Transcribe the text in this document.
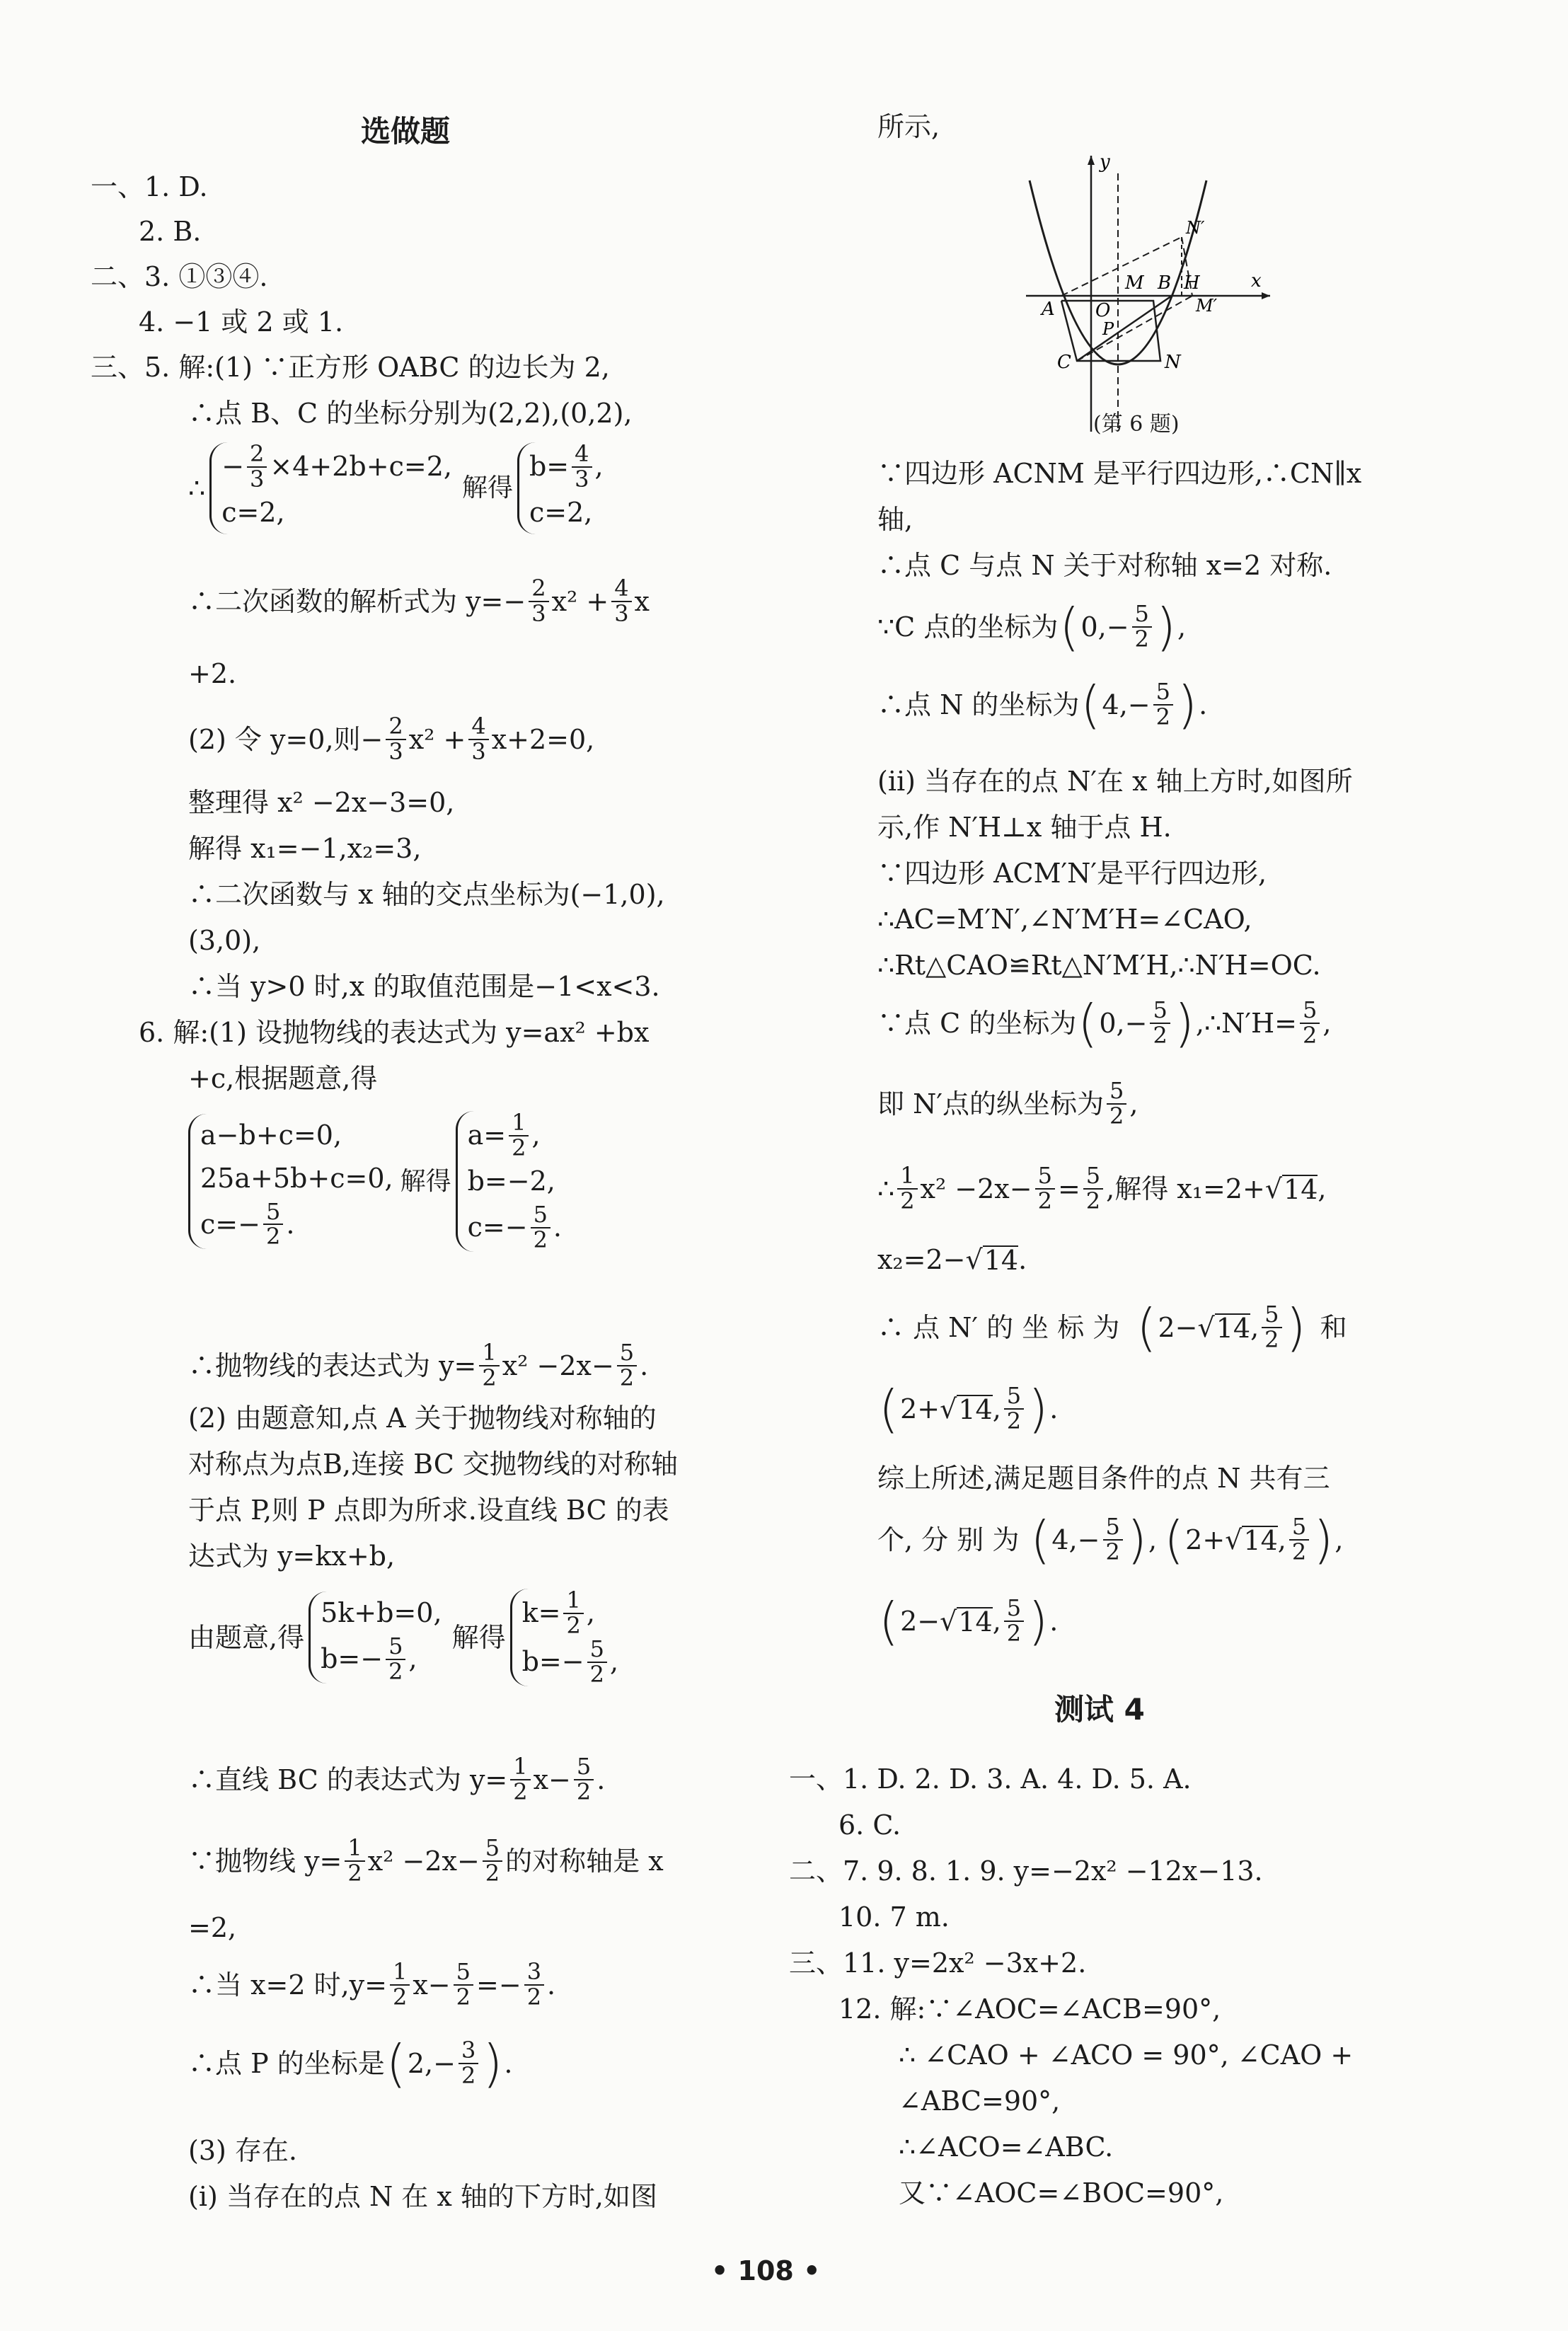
选做题
一、1. D.
2. B.
二、3. ①③④.
4. −1 或 2 或 1.
三、5. 解:(1) ∵正方形 OABC 的边长为 2,
∴点 B、C 的坐标分别为(2,2),(0,2),
∴
− $\frac{2}{3} \times 4+2b+c=2$,
c=2,
解得
$b= \frac{4}{3}$ ,
c=2,
∴二次函数的解析式为 $y=- \frac{2}{3} x^2 + \frac{4}{3}$ x
+2.
(2) 令 y=0,则− $\frac{2}{3} x^2 + \frac{4}{3} x+2=0$,
整理得 x² −2x−3=0,
解得 x₁=−1,x₂=3,
∴二次函数与 x 轴的交点坐标为(−1,0),
(3,0),
∴当 y>0 时,x 的取值范围是−1<x<3.
6. 解:(1) 设抛物线的表达式为 y=ax² +bx
+c,根据题意,得
a−b+c=0,
25a+5b+c=0,
$c=- \frac{5}{2}$ .
解得
$a= \frac{1}{2}$ ,
b=−2,
$c=- \frac{5}{2}$ .
∴抛物线的表达式为 $y= \frac{1}{2} x^2 -2x- \frac{5}{2}$ .
(2) 由题意知,点 A 关于抛物线对称轴的
对称点为点B,连接 BC 交抛物线的对称轴
于点 P,则 P 点即为所求.设直线 BC 的表
达式为 y=kx+b,
由题意,得
5k+b=0,
$b=- \frac{5}{2}$ ,
解得
$k= \frac{1}{2}$ ,
$b=- \frac{5}{2}$ ,
∴直线 BC 的表达式为 $y= \frac{1}{2} x- \frac{5}{2}$ .
∵抛物线 $y= \frac{1}{2} x^2 -2x- \frac{5}{2}$ 的对称轴是 x
=2,
∴当 x=2 时$,y= \frac{1}{2} x- \frac{5}{2} =- \frac{3}{2}$ .
∴点 P 的坐标是 ( $2,- \frac{3}{2}$ ) .
(3) 存在.
(ⅰ) 当存在的点 N 在 x 轴的下方时,如图
所示,
y
x
O
A
M B H
N′
M′
P
C	N
(第 6 题)
∵四边形 ACNM 是平行四边形,∴CN∥x
轴,
∴点 C 与点 N 关于对称轴 x=2 对称.
∵C 点的坐标为 ( $0,- \frac{5}{2}$ ) ,
∴点 N 的坐标为 ( $4,- \frac{5}{2}$ ) .
(ⅱ) 当存在的点 N′在 x 轴上方时,如图所
示,作 N′H⊥x 轴于点 H.
∵四边形 ACM′N′是平行四边形,
∴AC=M′N′,∠N′M′H=∠CAO,
∴Rt△CAO≌Rt△N′M′H,∴N′H=OC.
∵点 C 的坐标为 ( $0,- \frac{5}{2}$ ) ,∴N′H= $\frac{5}{2}$ ,
即 N′点的纵坐标为 $\frac{5}{2}$ ,
∴ $\frac{1}{2} x^2 -2x- \frac{5}{2} = \frac{5}{2}$ ,解得 x₁=2+ √ 14 ,
x₂=2− √ 14 .
∴ 点 N′ 的 坐 标 为 ( 2− √ 14 , $\frac{5}{2}$ ) 和
( 2+ √ 14 , $\frac{5}{2}$ ) .
综上所述,满足题目条件的点 N 共有三
个, 分 别 为 ( $4,- \frac{5}{2}$ ) , ( 2+ √ 14 , $\frac{5}{2}$ ) ,
( 2− √ 14 , $\frac{5}{2}$ ) .
测试 4
一、1. D. 2. D. 3. A. 4. D. 5. A.
6. C.
二、7. 9. 8. 1. 9. y=−2x² −12x−13.
10. 7 m.
三、11. y=2x² −3x+2.
12. 解:∵∠AOC=∠ACB=90°,
∴ ∠CAO + ∠ACO = 90°, ∠CAO +
∠ABC=90°,
∴∠ACO=∠ABC.
又∵∠AOC=∠BOC=90°,
• 108 •
